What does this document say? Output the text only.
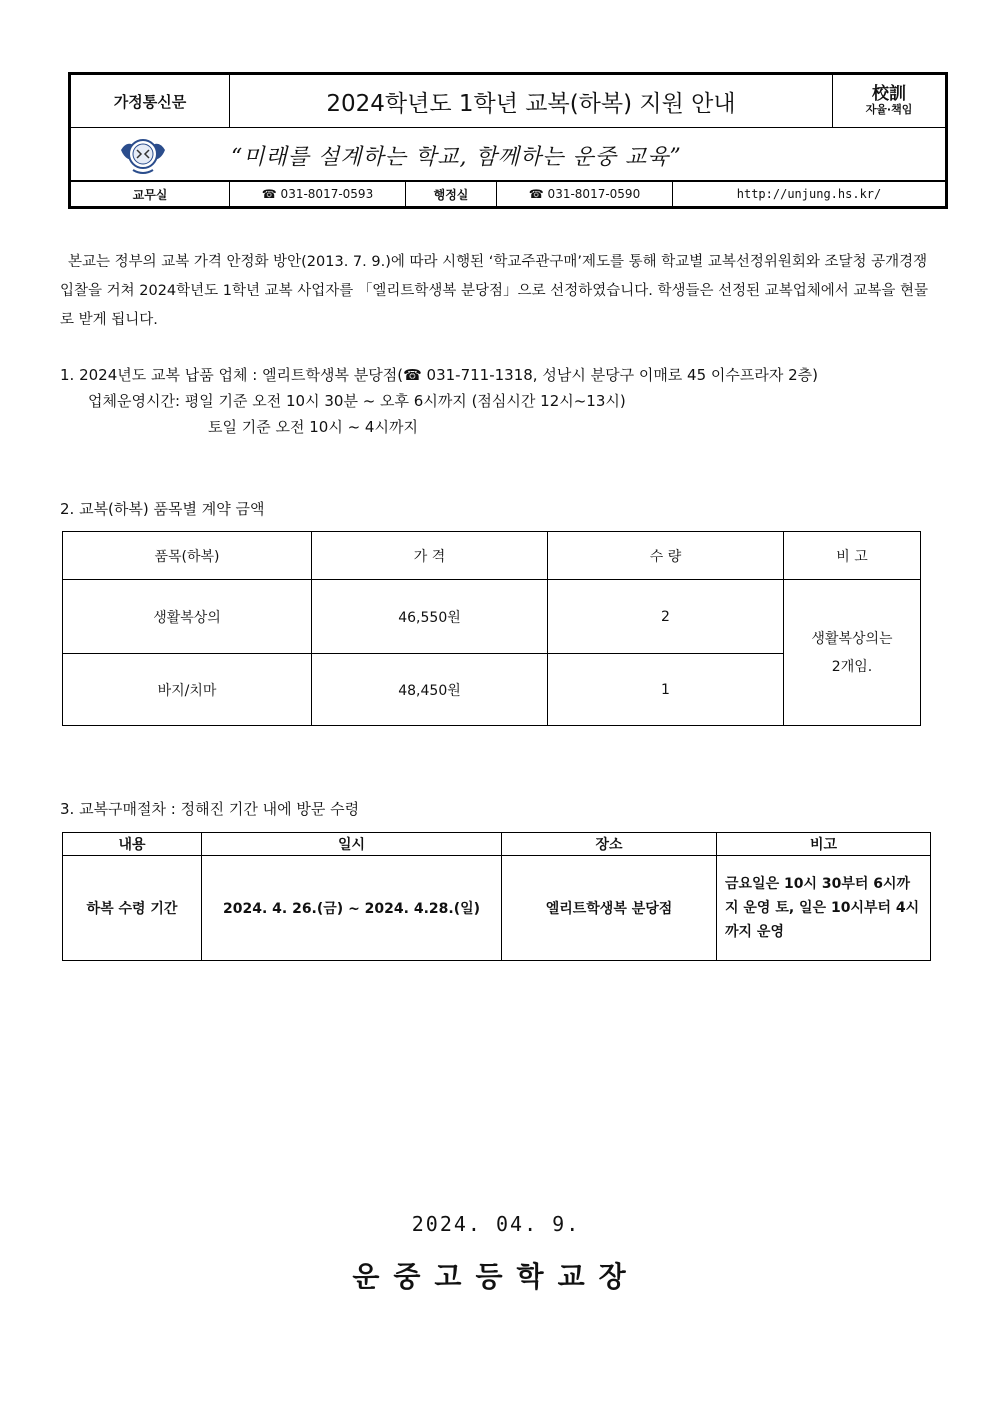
가정통신문	2024학년도 1학년 교복(하복) 지원 안내	校訓
자율·책임

“미래를 설계하는 학교, 함께하는 운중 교육”
교무실	☎ 031-8017-0593	행정실	☎ 031-8017-0590	http://unjung.hs.kr/
본교는 정부의 교복 가격 안정화 방안(2013. 7. 9.)에 따라 시행된 ‘학교주관구매’제도를 통해 학교별 교복선정위원회와 조달청 공개경쟁입찰을 거쳐 2024학년도 1학년 교복 사업자를 「엘리트학생복 분당점」으로 선정하였습니다. 학생들은 선정된 교복업체에서 교복을 현물로 받게 됩니다.
1. 2024년도 교복 납품 업체 : 엘리트학생복 분당점(☎ 031-711-1318, 성남시 분당구 이매로 45 이수프라자 2층)
업체운영시간: 평일 기준 오전 10시 30분 ~ 오후 6시까지 (점심시간 12시~13시)
토일 기준 오전 10시 ~ 4시까지
2. 교복(하복) 품목별 계약 금액
품목(하복)	가 격	수 량	비 고
생활복상의	46,550원	2	생활복상의는
2개임.

바지/치마	48,450원	1	
3. 교복구매절차 : 정해진 기간 내에 방문 수령
내용	일시	장소	비고
하복 수령 기간	2024. 4. 26.(금) ~ 2024. 4.28.(일)	엘리트학생복 분당점	금요일은 10시 30부터 6시까지 운영 토, 일은 10시부터 4시까지 운영
2024. 04. 9.
운중고등학교장
